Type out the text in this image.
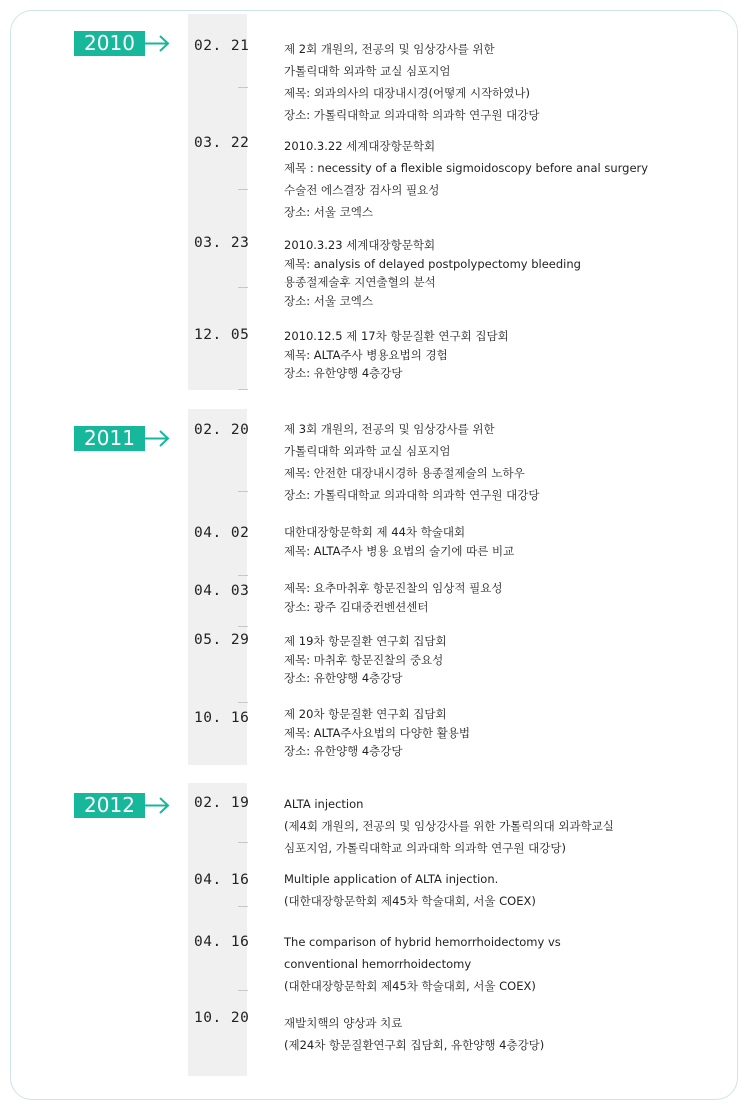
2010	02. 21	제 2회 개원의, 전공의 및 임상강사를 위한
가톨릭대학 외과학 교실 심포지엄
제목: 외과의사의 대장내시경(어떻게 시작하였나)
장소: 가톨릭대학교 의과대학 의과학 연구원 대강당
03. 22	2010.3.22 세계대장항문학회
제목 : necessity of a flexible sigmoidoscopy before anal surgery
수술전 에스결장 검사의 필요성
장소: 서울 코엑스
03. 23	2010.3.23 세계대장항문학회
제목: analysis of delayed postpolypectomy bleeding
용종절제술후 지연출혈의 분석
장소: 서울 코엑스
12. 05	2010.12.5 제 17차 항문질환 연구회 집담회
제목: ALTA주사 병용요법의 경험
장소: 유한양행 4층강당
2011	02. 20	제 3회 개원의, 전공의 및 임상강사를 위한
가톨릭대학 외과학 교실 심포지엄
제목: 안전한 대장내시경하 용종절제술의 노하우
장소: 가톨릭대학교 의과대학 의과학 연구원 대강당
04. 02	대한대장항문학회 제 44차 학술대회
제목: ALTA주사 병용 요법의 술기에 따른 비교
04. 03	제목: 요추마취후 항문진찰의 임상적 필요성
장소: 광주 김대중컨벤션센터
05. 29	제 19차 항문질환 연구회 집담회
제목: 마취후 항문진찰의 중요성
장소: 유한양행 4층강당
10. 16	제 20차 항문질환 연구회 집담회
제목: ALTA주사요법의 다양한 활용법
장소: 유한양행 4층강당
2012	02. 19	ALTA injection
(제4회 개원의, 전공의 및 임상강사를 위한 가톨릭의대 외과학교실
심포지엄, 가톨릭대학교 의과대학 의과학 연구원 대강당)
04. 16	Multiple application of ALTA injection.
(대한대장항문학회 제45차 학술대회, 서울 COEX)
04. 16	The comparison of hybrid hemorrhoidectomy vs
conventional hemorrhoidectomy
(대한대장항문학회 제45차 학술대회, 서울 COEX)
10. 20	재발치핵의 양상과 치료
(제24차 항문질환연구회 집담회, 유한양행 4층강당)
